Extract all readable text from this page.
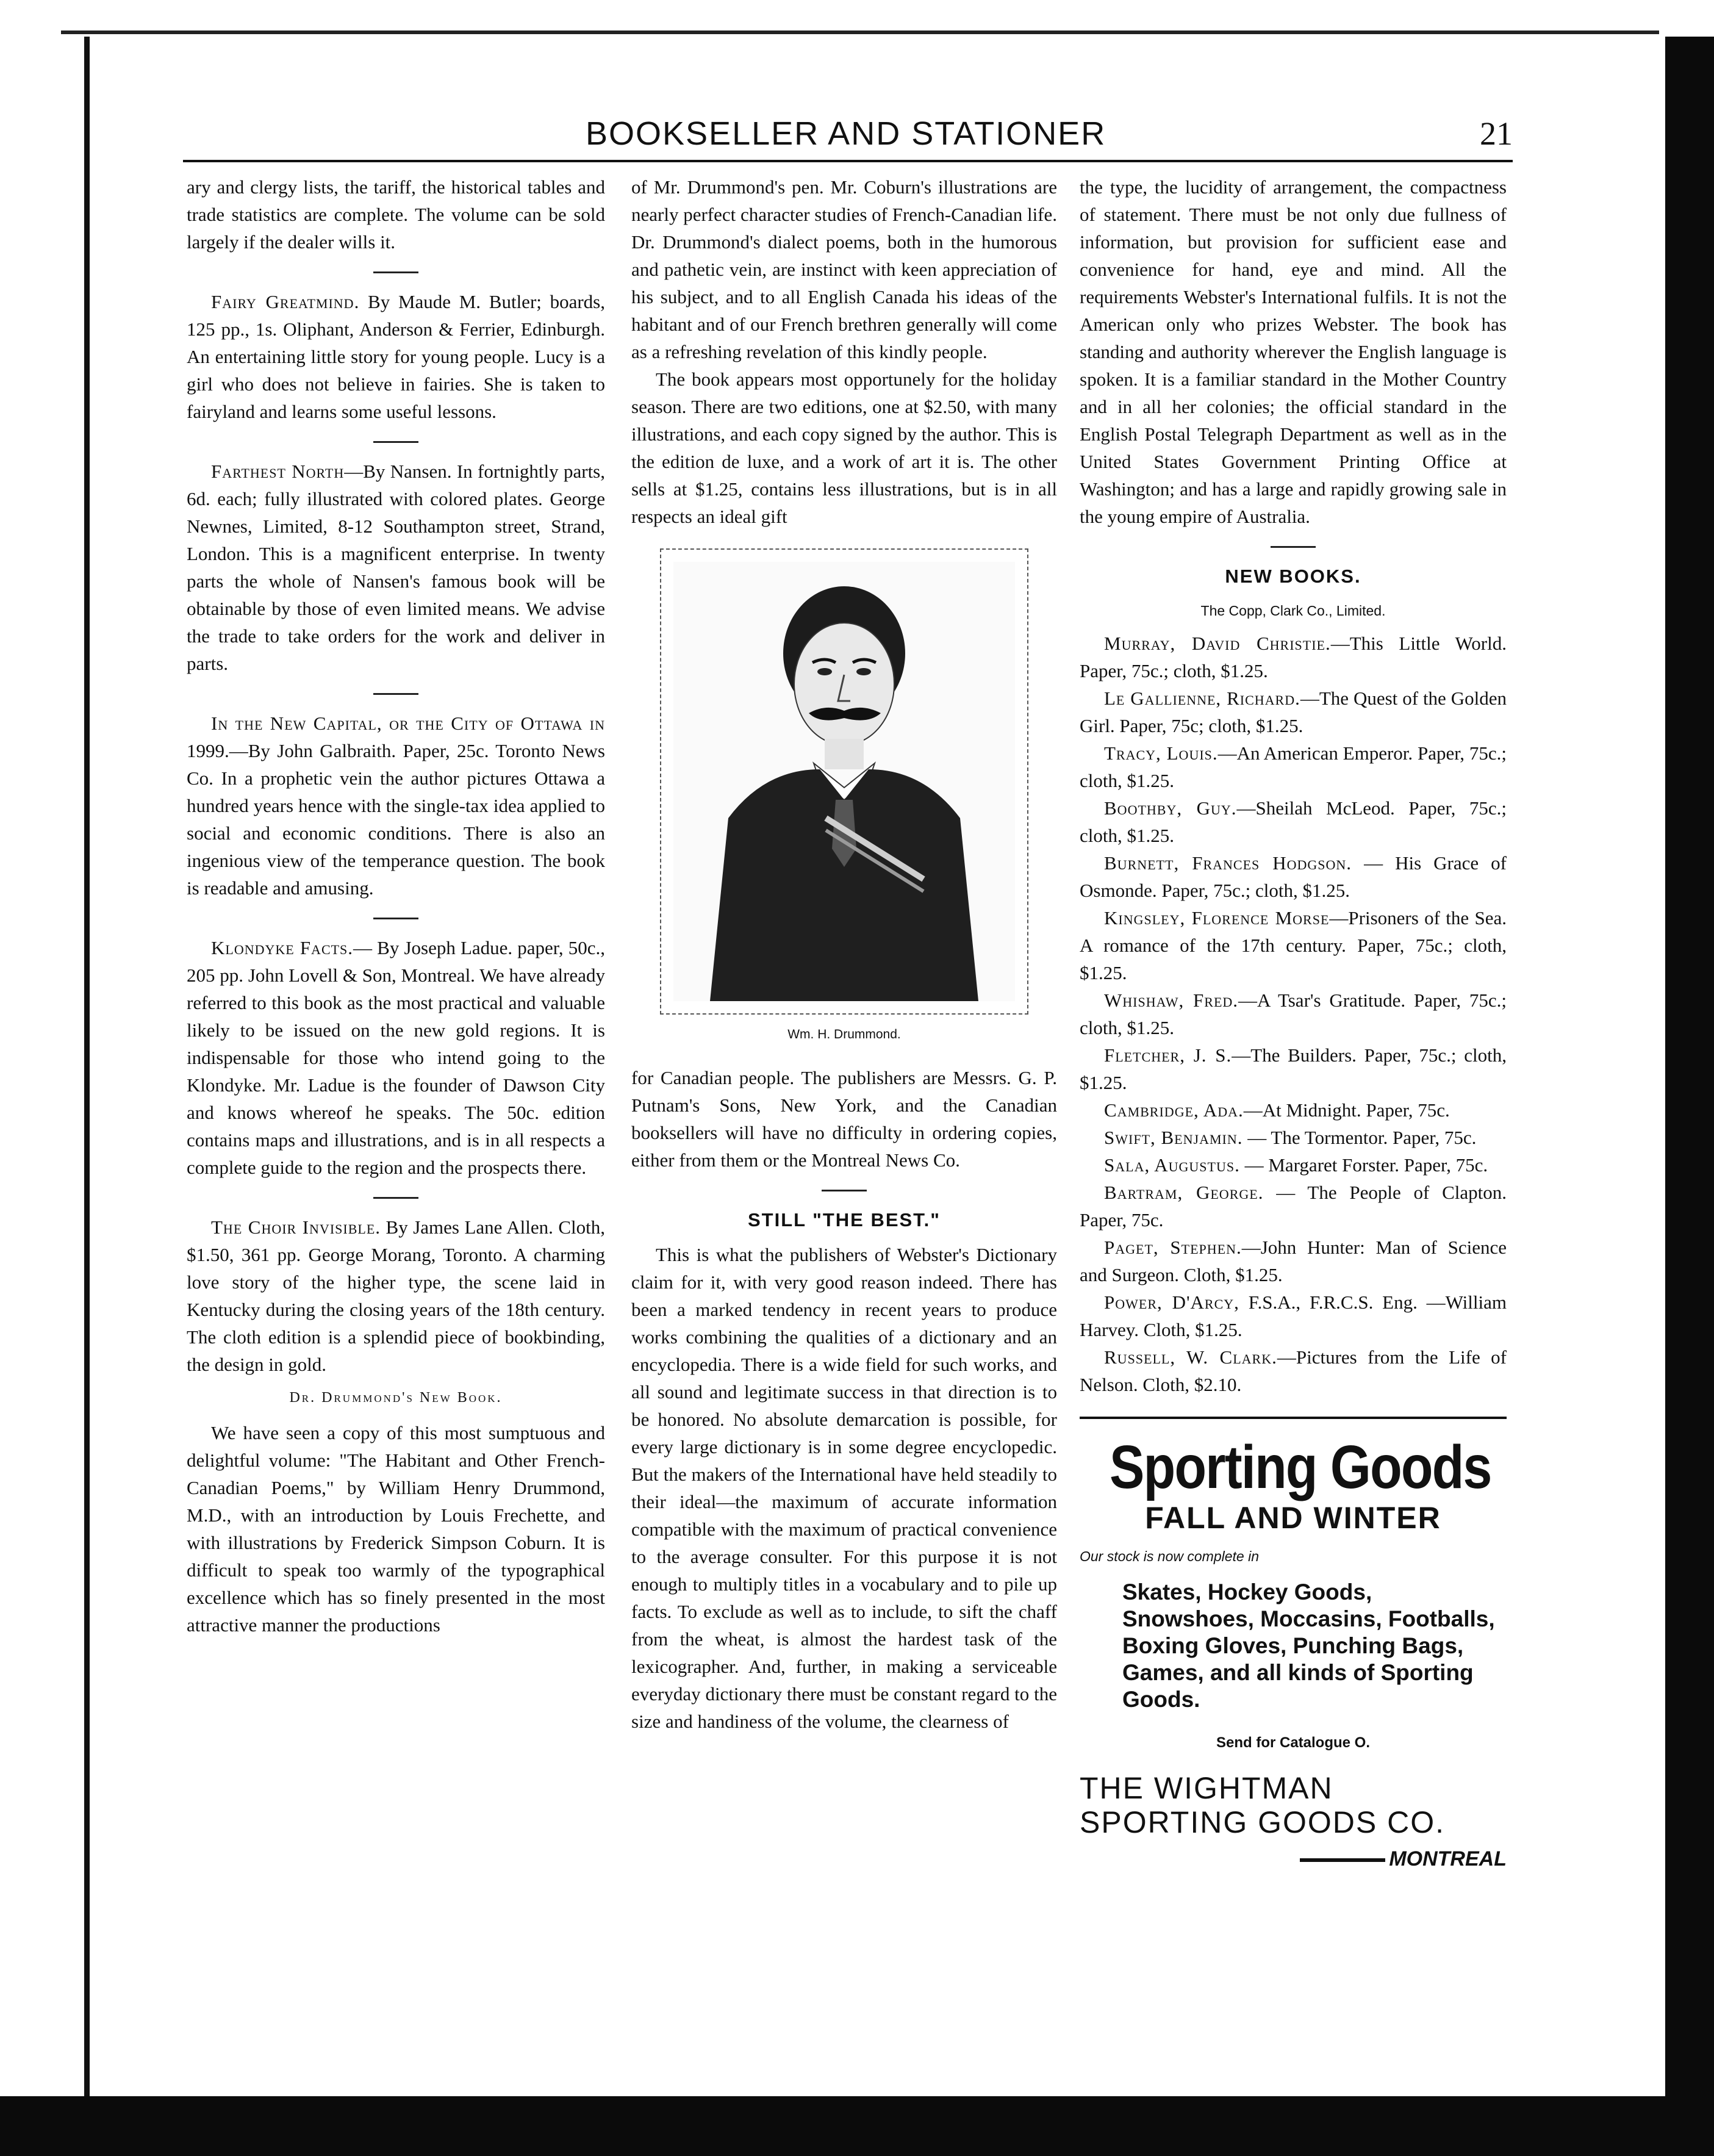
BOOKSELLER AND STATIONER	21

ary and clergy lists, the tariff, the historical tables and trade statistics are complete. The volume can be sold largely if the dealer wills it.

Fairy Greatmind. By Maude M. Butler; boards, 125 pp., 1s. Oliphant, Anderson & Ferrier, Edinburgh. An entertaining little story for young people. Lucy is a girl who does not believe in fairies. She is taken to fairyland and learns some useful lessons.

Farthest North—By Nansen. In fortnightly parts, 6d. each; fully illustrated with colored plates. George Newnes, Limited, 8-12 Southampton street, Strand, London. This is a magnificent enterprise. In twenty parts the whole of Nansen's famous book will be obtainable by those of even limited means. We advise the trade to take orders for the work and deliver in parts.

In the New Capital, or the City of Ottawa in 1999.—By John Galbraith. Paper, 25c. Toronto News Co. In a prophetic vein the author pictures Ottawa a hundred years hence with the single-tax idea applied to social and economic conditions. There is also an ingenious view of the temperance question. The book is readable and amusing.

Klondyke Facts.— By Joseph Ladue. paper, 50c., 205 pp. John Lovell & Son, Montreal. We have already referred to this book as the most practical and valuable likely to be issued on the new gold regions. It is indispensable for those who intend going to the Klondyke. Mr. Ladue is the founder of Dawson City and knows whereof he speaks. The 50c. edition contains maps and illustrations, and is in all respects a complete guide to the region and the prospects there.

The Choir Invisible. By James Lane Allen. Cloth, $1.50, 361 pp. George Morang, Toronto. A charming love story of the higher type, the scene laid in Kentucky during the closing years of the 18th century. The cloth edition is a splendid piece of bookbinding, the design in gold.

Dr. Drummond's New Book.

We have seen a copy of this most sumptuous and delightful volume: "The Habitant and Other French-Canadian Poems," by William Henry Drummond, M.D., with an introduction by Louis Frechette, and with illustrations by Frederick Simpson Coburn. It is difficult to speak too warmly of the typographical excellence which has so finely presented in the most attractive manner the productions

of Mr. Drummond's pen. Mr. Coburn's illustrations are nearly perfect character studies of French-Canadian life. Dr. Drummond's dialect poems, both in the humorous and pathetic vein, are instinct with keen appreciation of his subject, and to all English Canada his ideas of the habitant and of our French brethren generally will come as a refreshing revelation of this kindly people.

The book appears most opportunely for the holiday season. There are two editions, one at $2.50, with many illustrations, and each copy signed by the author. This is the edition de luxe, and a work of art it is. The other sells at $1.25, contains less illustrations, but is in all respects an ideal gift

Wm. H. Drummond.

for Canadian people. The publishers are Messrs. G. P. Putnam's Sons, New York, and the Canadian booksellers will have no difficulty in ordering copies, either from them or the Montreal News Co.

STILL "THE BEST."

This is what the publishers of Webster's Dictionary claim for it, with very good reason indeed. There has been a marked tendency in recent years to produce works combining the qualities of a dictionary and an encyclopedia. There is a wide field for such works, and all sound and legitimate success in that direction is to be honored. No absolute demarcation is possible, for every large dictionary is in some degree encyclopedic. But the makers of the International have held steadily to their ideal—the maximum of accurate information compatible with the maximum of practical convenience to the average consulter. For this purpose it is not enough to multiply titles in a vocabulary and to pile up facts. To exclude as well as to include, to sift the chaff from the wheat, is almost the hardest task of the lexicographer. And, further, in making a serviceable everyday dictionary there must be constant regard to the size and handiness of the volume, the clearness of

the type, the lucidity of arrangement, the compactness of statement. There must be not only due fullness of information, but provision for sufficient ease and convenience for hand, eye and mind. All the requirements Webster's International fulfils. It is not the American only who prizes Webster. The book has standing and authority wherever the English language is spoken. It is a familiar standard in the Mother Country and in all her colonies; the official standard in the English Postal Telegraph Department as well as in the United States Government Printing Office at Washington; and has a large and rapidly growing sale in the young empire of Australia.

NEW BOOKS.
The Copp, Clark Co., Limited.

Murray, David Christie.—This Little World. Paper, 75c.; cloth, $1.25.

Le Gallienne, Richard.—The Quest of the Golden Girl. Paper, 75c; cloth, $1.25.

Tracy, Louis.—An American Emperor. Paper, 75c.; cloth, $1.25.

Boothby, Guy.—Sheilah McLeod. Paper, 75c.; cloth, $1.25.

Burnett, Frances Hodgson. — His Grace of Osmonde. Paper, 75c.; cloth, $1.25.

Kingsley, Florence Morse—Prisoners of the Sea. A romance of the 17th century. Paper, 75c.; cloth, $1.25.

Whishaw, Fred.—A Tsar's Gratitude. Paper, 75c.; cloth, $1.25.

Fletcher, J. S.—The Builders. Paper, 75c.; cloth, $1.25.

Cambridge, Ada.—At Midnight. Paper, 75c.

Swift, Benjamin. — The Tormentor. Paper, 75c.

Sala, Augustus. — Margaret Forster. Paper, 75c.

Bartram, George. — The People of Clapton. Paper, 75c.

Paget, Stephen.—John Hunter: Man of Science and Surgeon. Cloth, $1.25.

Power, D'Arcy, F.S.A., F.R.C.S. Eng. —William Harvey. Cloth, $1.25.

Russell, W. Clark.—Pictures from the Life of Nelson. Cloth, $2.10.

Sporting Goods
FALL AND WINTER
Our stock is now complete in
Skates, Hockey Goods, Snowshoes, Moccasins, Footballs, Boxing Gloves, Punching Bags, Games, and all kinds of Sporting Goods.
Send for Catalogue O.
THE WIGHTMAN
SPORTING GOODS CO.
MONTREAL
